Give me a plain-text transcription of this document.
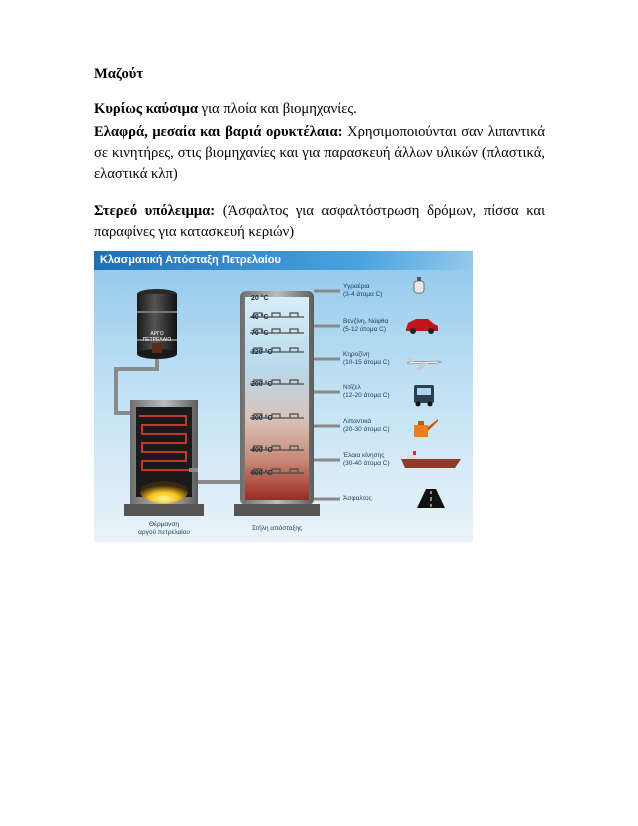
Μαζούτ
Κυρίως καύσιμα για πλοία και βιομηχανίες.
Ελαφρά, μεσαία και βαριά ορυκτέλαια: Χρησιμοποιούνται σαν λιπαντικά σε κινητήρες, στις βιομηχανίες και για παρασκευή άλλων υλικών (πλαστικά, ελαστικά κλπ)
Στερεό υπόλειμμα: (Άσφαλτος για ασφαλτόστρωση δρόμων, πίσσα και παραφίνες για κατασκευή κεριών)
Κλασματική Απόσταξη Πετρελαίου
ΑΡΓΟ
ΠΕΤΡΕΛΑΙΟ
Θέρμανση
αργού πετρελαίου
Στήλη απόσταξης
20 °C
40 °C
70 °C
120 °C
200 °C
300 °C
400 °C
500 °C
Υγραέρια
(3-4 άτομα C)
Βενζίνη, Νάφθα
(5-12 άτομα C)
Κηροζίνη
(10-15 άτομα C)
Ντίζελ
(12-20 άτομα C)
Λιπαντικά
(20-30 άτομα C)
Έλαια κίνησης
(30-40 άτομα C)
Άσφαλτος
